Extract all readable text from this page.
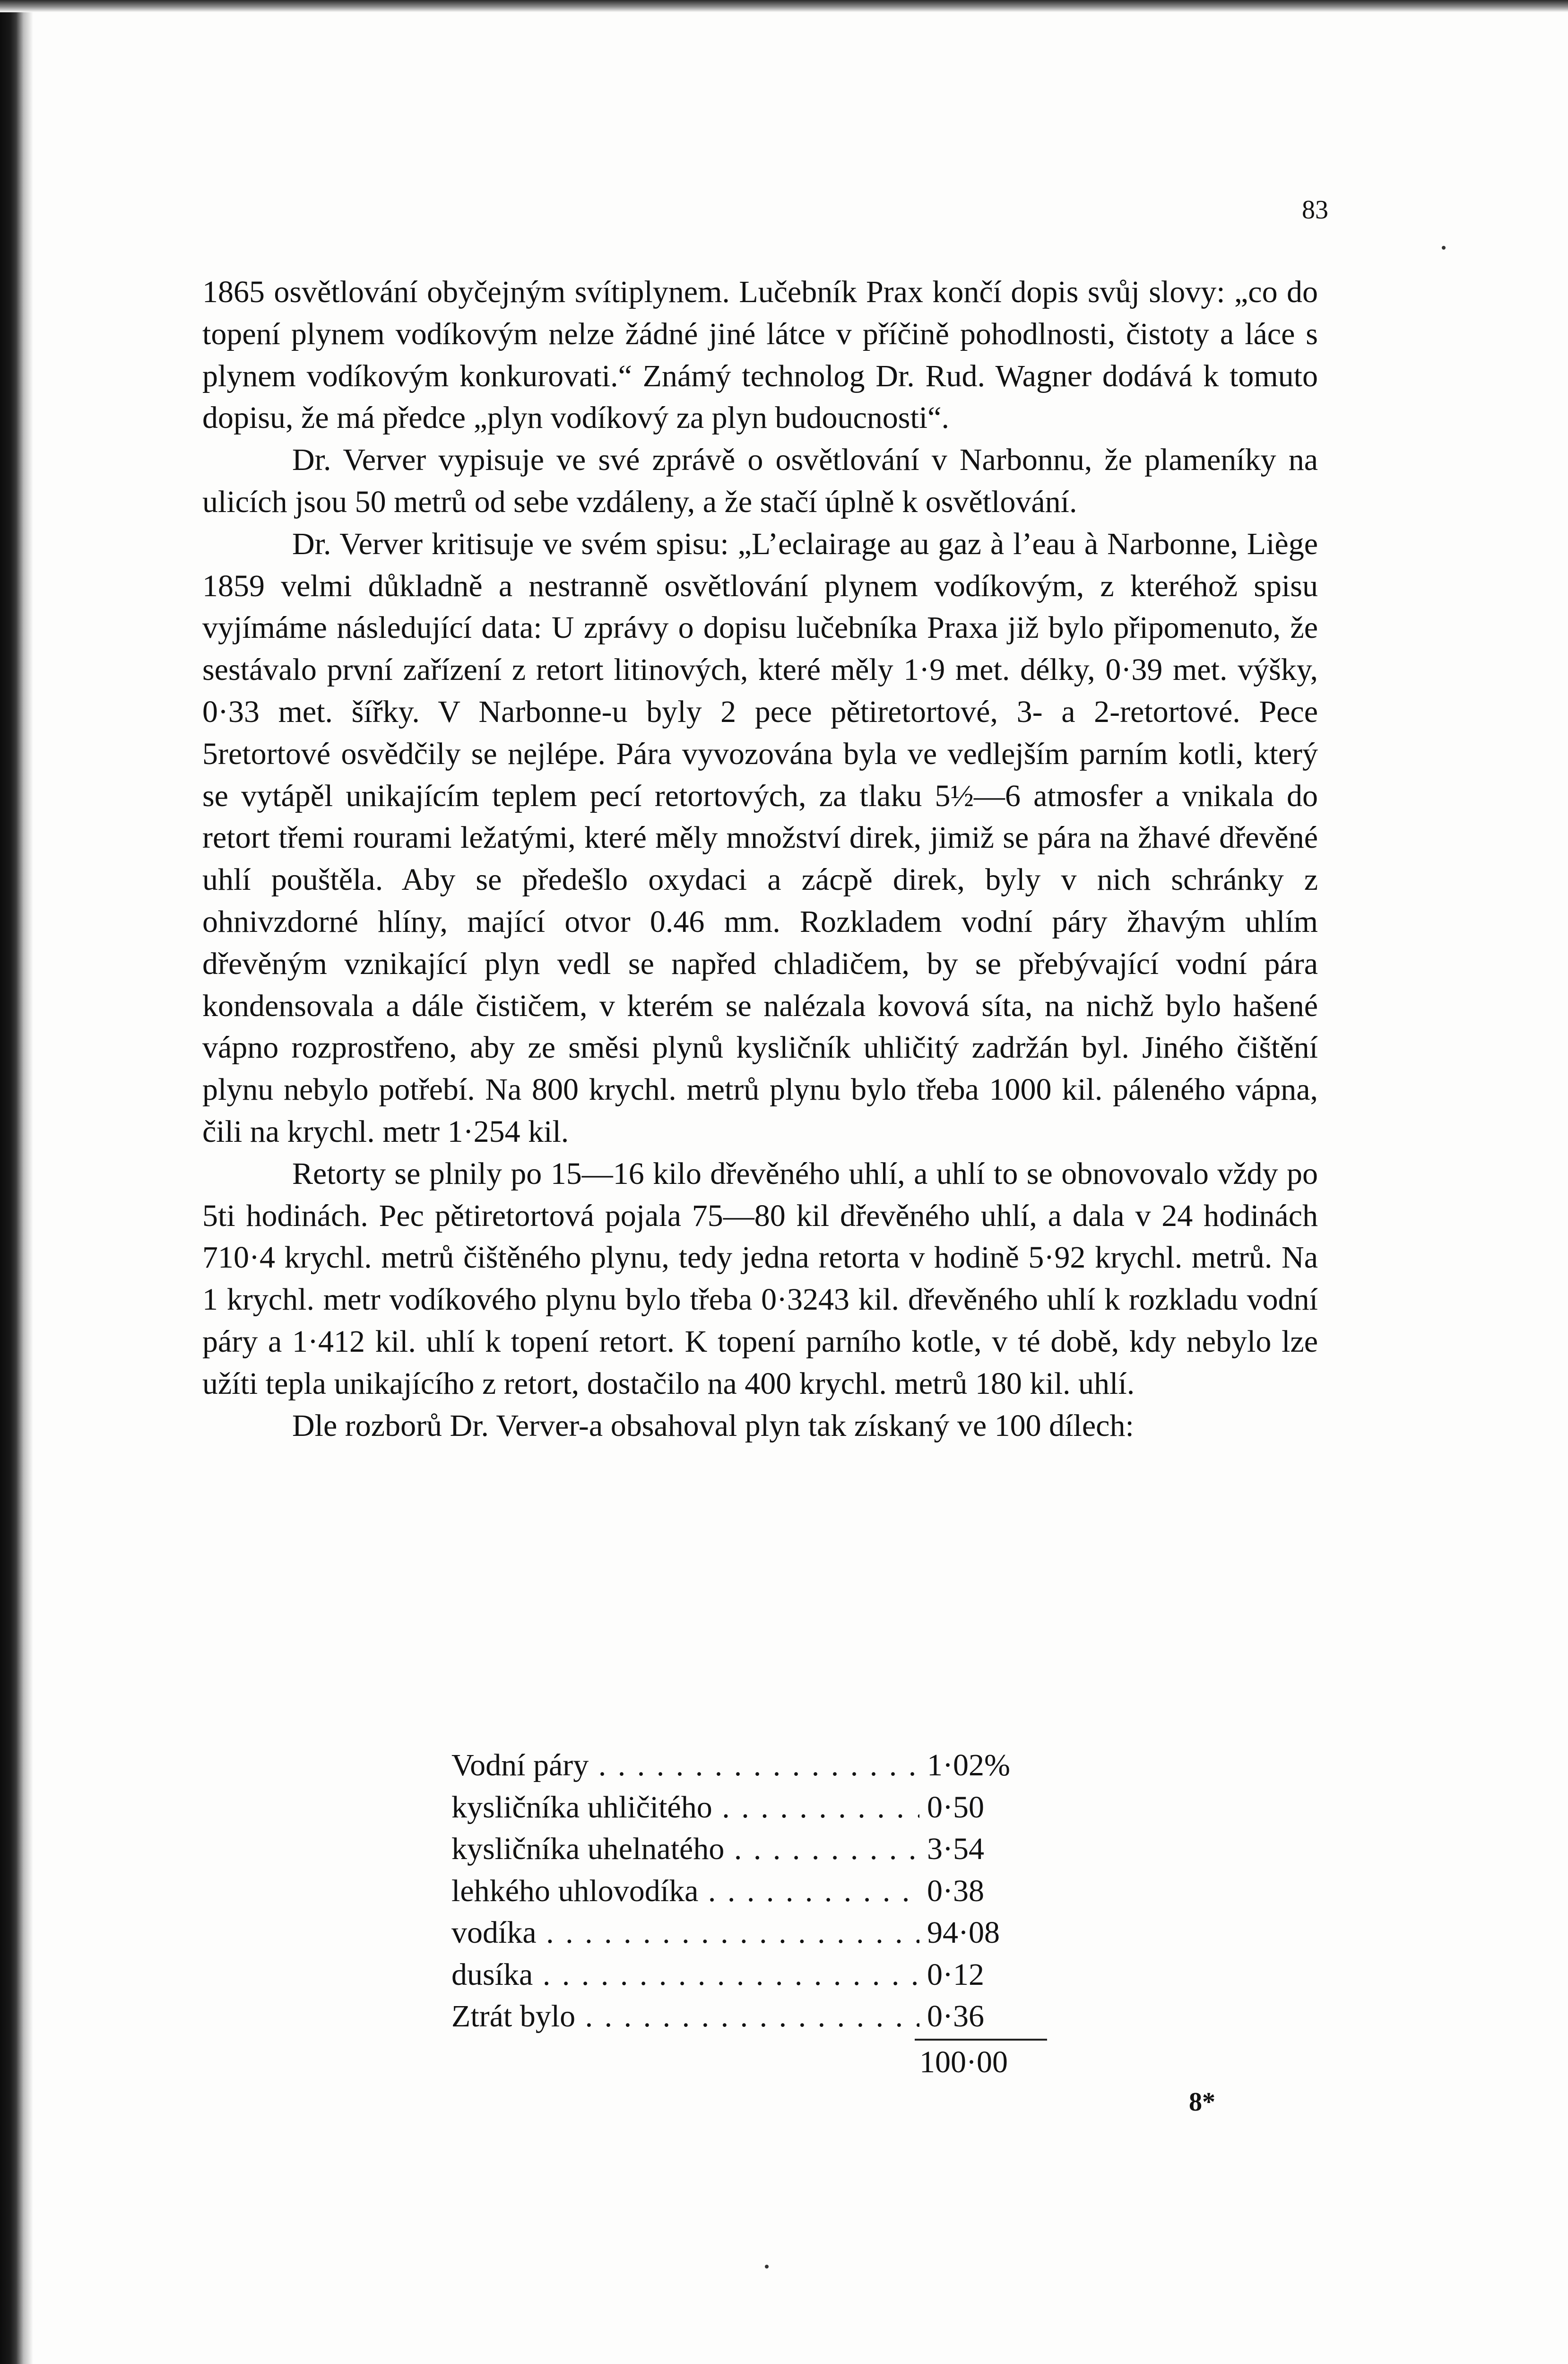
83

1865 osvětlování obyčejným svítiplynem. Lučebník Prax končí dopis svůj slovy: „co do topení plynem vodíkovým nelze žádné jiné látce v příčině pohodlnosti, čistoty a láce s plynem vodíkovým konkurovati.“ Známý technolog Dr. Rud. Wagner dodává k tomuto dopisu, že má předce „plyn vodíkový za plyn budoucnosti“.

Dr. Verver vypisuje ve své zprávě o osvětlování v Narbonnu, že plameníky na ulicích jsou 50 metrů od sebe vzdáleny, a že stačí úplně k osvětlování.

Dr. Verver kritisuje ve svém spisu: „L’eclairage au gaz à l’eau à Narbonne, Liège 1859 velmi důkladně a nestranně osvětlování plynem vodíkovým, z kteréhož spisu vyjímáme následující data: U zprávy o dopisu lučebníka Praxa již bylo připomenuto, že sestávalo první zařízení z retort litinových, které měly 1·9 met. délky, 0·39 met. výšky, 0·33 met. šířky. V Narbonne-u byly 2 pece pětiretortové, 3- a 2-retortové. Pece 5retortové osvědčily se nejlépe. Pára vyvozována byla ve vedlejším parním kotli, který se vytápěl unikajícím teplem pecí retortových, za tlaku 5½—6 atmosfer a vnikala do retort třemi rourami ležatými, které měly množství direk, jimiž se pára na žhavé dřevěné uhlí pouštěla. Aby se předešlo oxydaci a zácpě direk, byly v nich schránky z ohnivzdorné hlíny, mající otvor 0.46 mm. Rozkladem vodní páry žhavým uhlím dřevěným vznikající plyn vedl se napřed chladičem, by se přebývající vodní pára kondensovala a dále čističem, v kterém se nalézala kovová síta, na nichž bylo hašené vápno rozprostřeno, aby ze směsi plynů kysličník uhličitý zadržán byl. Jiného čištění plynu nebylo potřebí. Na 800 krychl. metrů plynu bylo třeba 1000 kil. páleného vápna, čili na krychl. metr 1·254 kil.

Retorty se plnily po 15—16 kilo dřevěného uhlí, a uhlí to se obnovovalo vždy po 5ti hodinách. Pec pětiretortová pojala 75—80 kil dřevěného uhlí, a dala v 24 hodinách 710·4 krychl. metrů čištěného plynu, tedy jedna retorta v hodině 5·92 krychl. metrů. Na 1 krychl. metr vodíkového plynu bylo třeba 0·3243 kil. dřevěného uhlí k rozkladu vodní páry a 1·412 kil. uhlí k topení retort. K topení parního kotle, v té době, kdy nebylo lze užíti tepla unikajícího z retort, dostačilo na 400 krychl. metrů 180 kil. uhlí.

Dle rozborů Dr. Verver-a obsahoval plyn tak získaný ve 100 dílech:

Vodní páry . . .	1·02%
kysličníka uhličitého . . .	0·50
kysličníka uhelnatého . . .	3·54
lehkého uhlovodíka . . .	0·38
vodíka . . .	94·08
dusíka . . .	0·12
Ztrát bylo . . .	0·36
100·00
8*
